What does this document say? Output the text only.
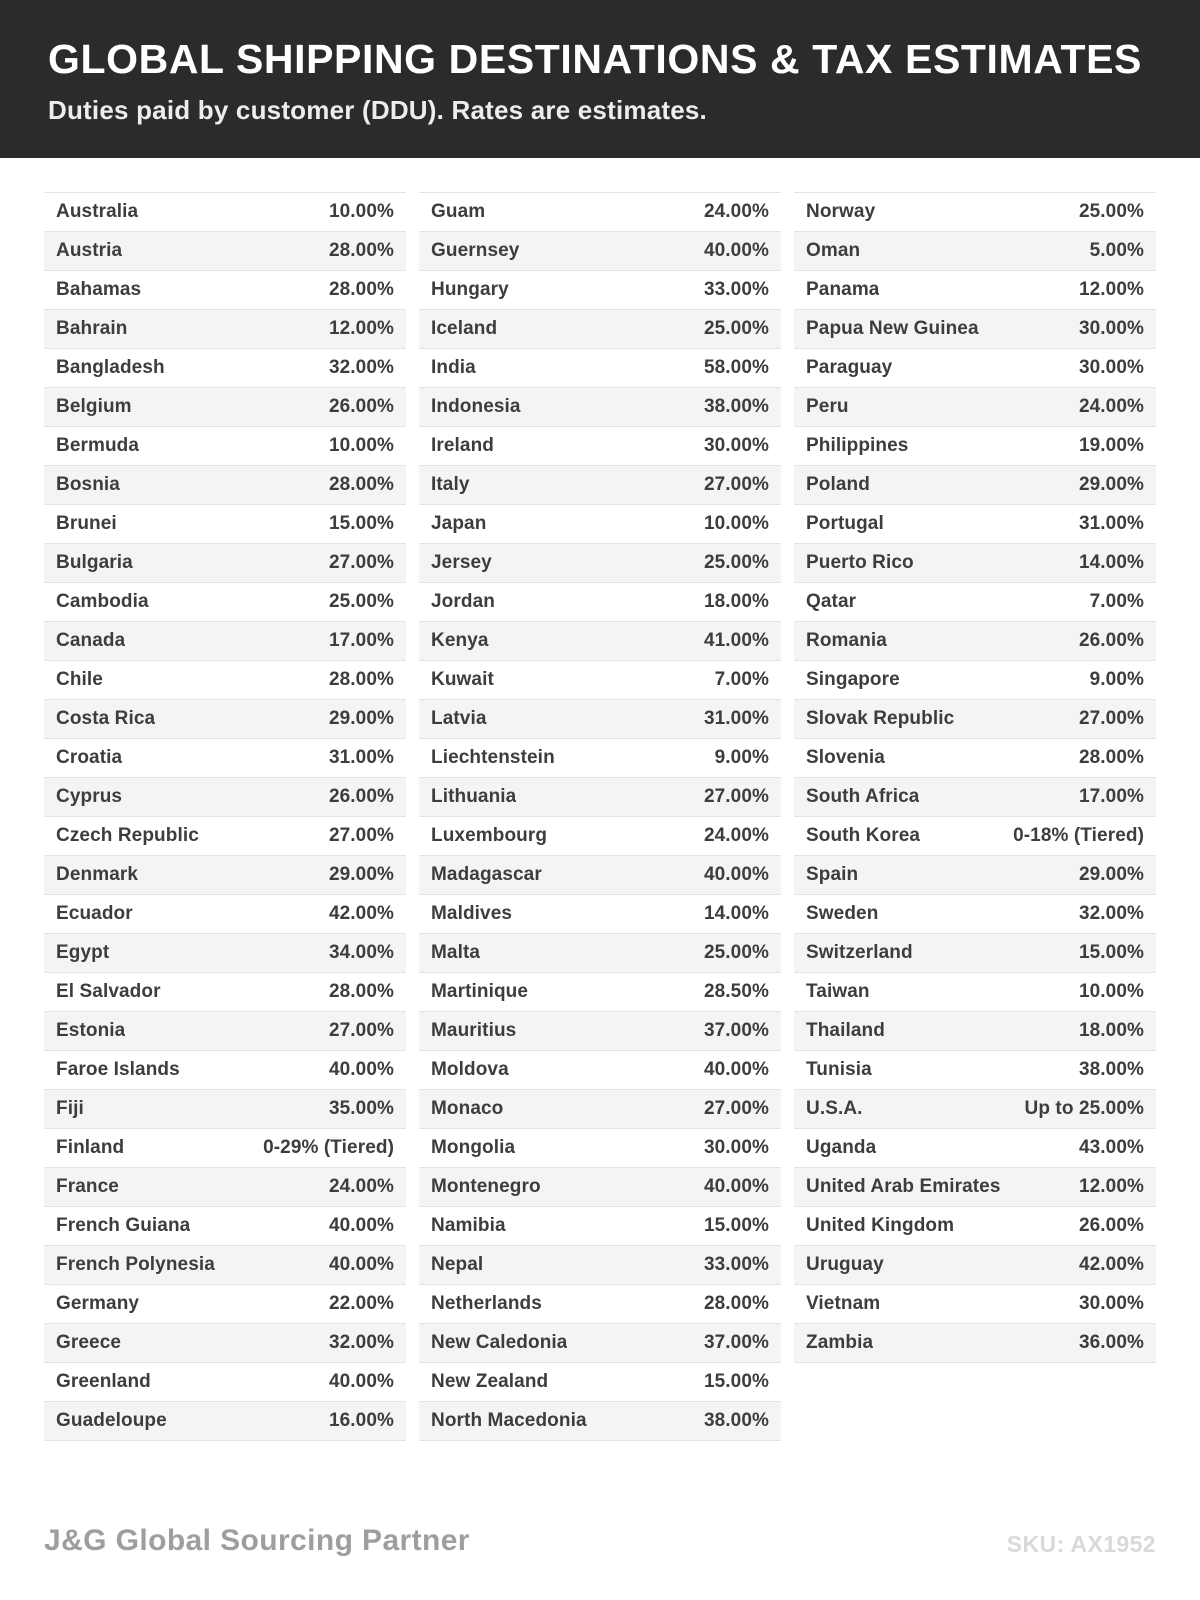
GLOBAL SHIPPING DESTINATIONS & TAX ESTIMATES
Duties paid by customer (DDU). Rates are estimates.
Australia	10.00%
Austria	28.00%
Bahamas	28.00%
Bahrain	12.00%
Bangladesh	32.00%
Belgium	26.00%
Bermuda	10.00%
Bosnia	28.00%
Brunei	15.00%
Bulgaria	27.00%
Cambodia	25.00%
Canada	17.00%
Chile	28.00%
Costa Rica	29.00%
Croatia	31.00%
Cyprus	26.00%
Czech Republic	27.00%
Denmark	29.00%
Ecuador	42.00%
Egypt	34.00%
El Salvador	28.00%
Estonia	27.00%
Faroe Islands	40.00%
Fiji	35.00%
Finland	0-29% (Tiered)
France	24.00%
French Guiana	40.00%
French Polynesia	40.00%
Germany	22.00%
Greece	32.00%
Greenland	40.00%
Guadeloupe	16.00%
Guam	24.00%
Guernsey	40.00%
Hungary	33.00%
Iceland	25.00%
India	58.00%
Indonesia	38.00%
Ireland	30.00%
Italy	27.00%
Japan	10.00%
Jersey	25.00%
Jordan	18.00%
Kenya	41.00%
Kuwait	7.00%
Latvia	31.00%
Liechtenstein	9.00%
Lithuania	27.00%
Luxembourg	24.00%
Madagascar	40.00%
Maldives	14.00%
Malta	25.00%
Martinique	28.50%
Mauritius	37.00%
Moldova	40.00%
Monaco	27.00%
Mongolia	30.00%
Montenegro	40.00%
Namibia	15.00%
Nepal	33.00%
Netherlands	28.00%
New Caledonia	37.00%
New Zealand	15.00%
North Macedonia	38.00%
Norway	25.00%
Oman	5.00%
Panama	12.00%
Papua New Guinea	30.00%
Paraguay	30.00%
Peru	24.00%
Philippines	19.00%
Poland	29.00%
Portugal	31.00%
Puerto Rico	14.00%
Qatar	7.00%
Romania	26.00%
Singapore	9.00%
Slovak Republic	27.00%
Slovenia	28.00%
South Africa	17.00%
South Korea	0-18% (Tiered)
Spain	29.00%
Sweden	32.00%
Switzerland	15.00%
Taiwan	10.00%
Thailand	18.00%
Tunisia	38.00%
U.S.A.	Up to 25.00%
Uganda	43.00%
United Arab Emirates	12.00%
United Kingdom	26.00%
Uruguay	42.00%
Vietnam	30.00%
Zambia	36.00%
J&G Global Sourcing Partner	SKU: AX1952
